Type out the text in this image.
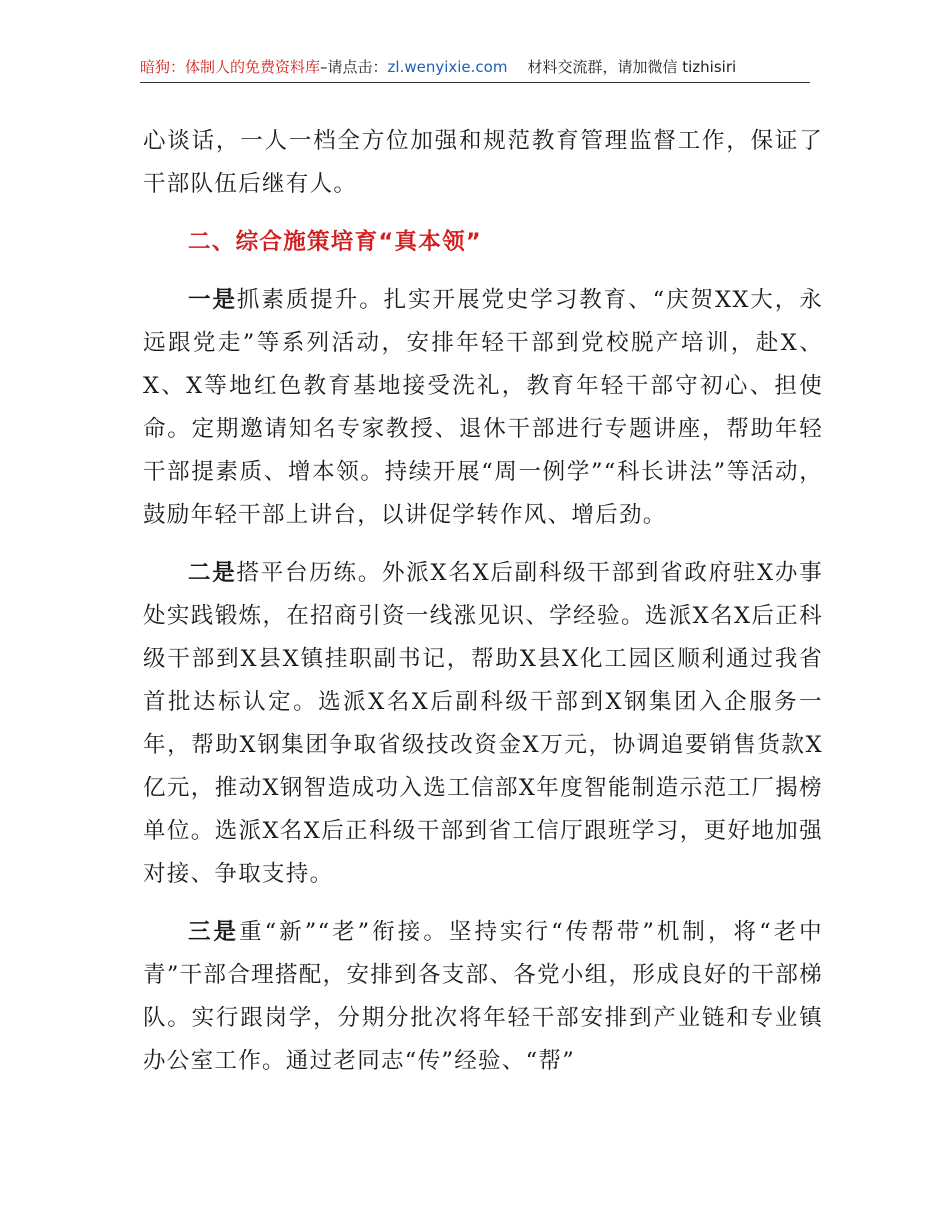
暗狗：体制人的免费资料库–请点击：zl.wenyixie.com 材料交流群，请加微信 tizhisiri

心谈话，一人一档全方位加强和规范教育管理监督工作，保证了干部队伍后继有人。

二、综合施策培育“真本领”

一是抓素质提升。扎实开展党史学习教育、“庆贺XX大，永远跟党走”等系列活动，安排年轻干部到党校脱产培训，赴X、X、X等地红色教育基地接受洗礼，教育年轻干部守初心、担使命。定期邀请知名专家教授、退休干部进行专题讲座，帮助年轻干部提素质、增本领。持续开展“周一例学”“科长讲法”等活动，鼓励年轻干部上讲台，以讲促学转作风、增后劲。

二是搭平台历练。外派X名X后副科级干部到省政府驻X办事处实践锻炼，在招商引资一线涨见识、学经验。选派X名X后正科级干部到X县X镇挂职副书记，帮助X县X化工园区顺利通过我省首批达标认定。选派X名X后副科级干部到X钢集团入企服务一年，帮助X钢集团争取省级技改资金X万元，协调追要销售货款X亿元，推动X钢智造成功入选工信部X年度智能制造示范工厂揭榜单位。选派X名X后正科级干部到省工信厅跟班学习，更好地加强对接、争取支持。

三是重“新”“老”衔接。坚持实行“传帮带”机制，将“老中青”干部合理搭配，安排到各支部、各党小组，形成良好的干部梯队。实行跟岗学，分期分批次将年轻干部安排到产业链和专业镇办公室工作。通过老同志“传”经验、“帮”
